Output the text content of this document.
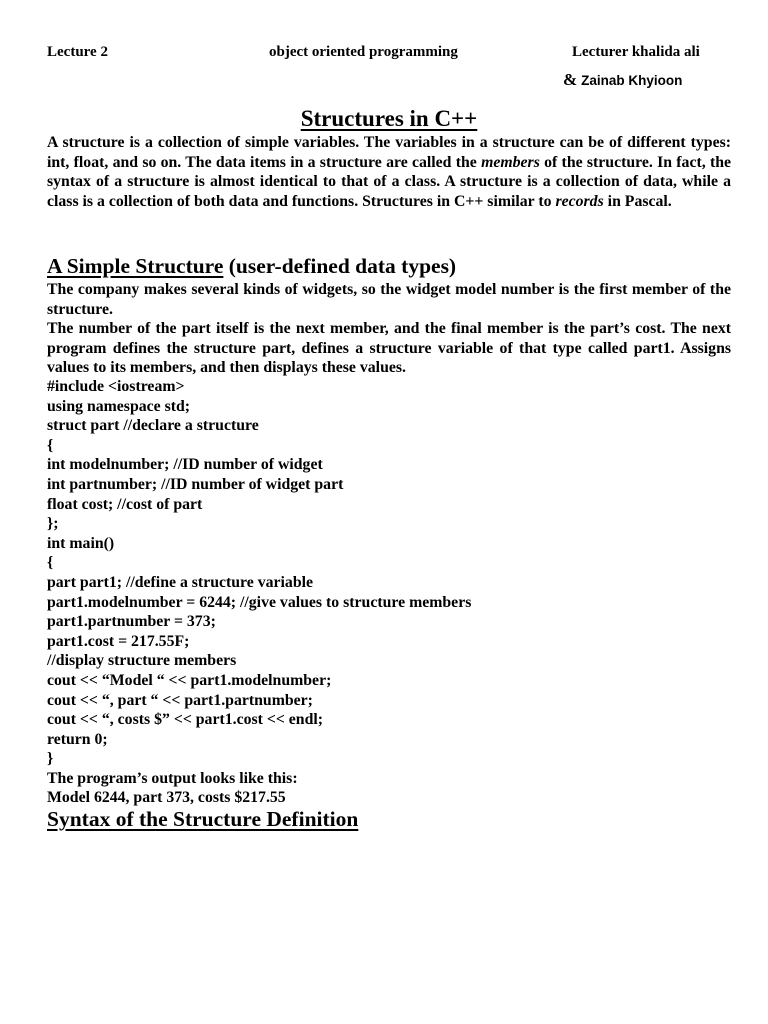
Lecture 2	object oriented programming	Lecturer khalida ali
& Zainab Khyioon
Structures in C++

A structure is a collection of simple variables. The variables in a structure can be of different types: int, float, and so on. The data items in a structure are called the members of the structure. In fact, the syntax of a structure is almost identical to that of a class. A structure is a collection of data, while a class is a collection of both data and functions. Structures in C++ similar to records in Pascal.

A Simple Structure (user-defined data types)

The company makes several kinds of widgets, so the widget model number is the first member of the structure.

The number of the part itself is the next member, and the final member is the part’s cost. The next program defines the structure part, defines a structure variable of that type called part1. Assigns values to its members, and then displays these values.

#include <iostream>
using namespace std;
struct part //declare a structure
{
int modelnumber; //ID number of widget
int partnumber; //ID number of widget part
float cost; //cost of part
};
int main()
{
part part1; //define a structure variable
part1.modelnumber = 6244; //give values to structure members
part1.partnumber = 373;
part1.cost = 217.55F;
//display structure members
cout << “Model “ << part1.modelnumber;
cout << “, part “ << part1.partnumber;
cout << “, costs $” << part1.cost << endl;
return 0;
}
The program’s output looks like this:
Model 6244, part 373, costs $217.55
Syntax of the Structure Definition
